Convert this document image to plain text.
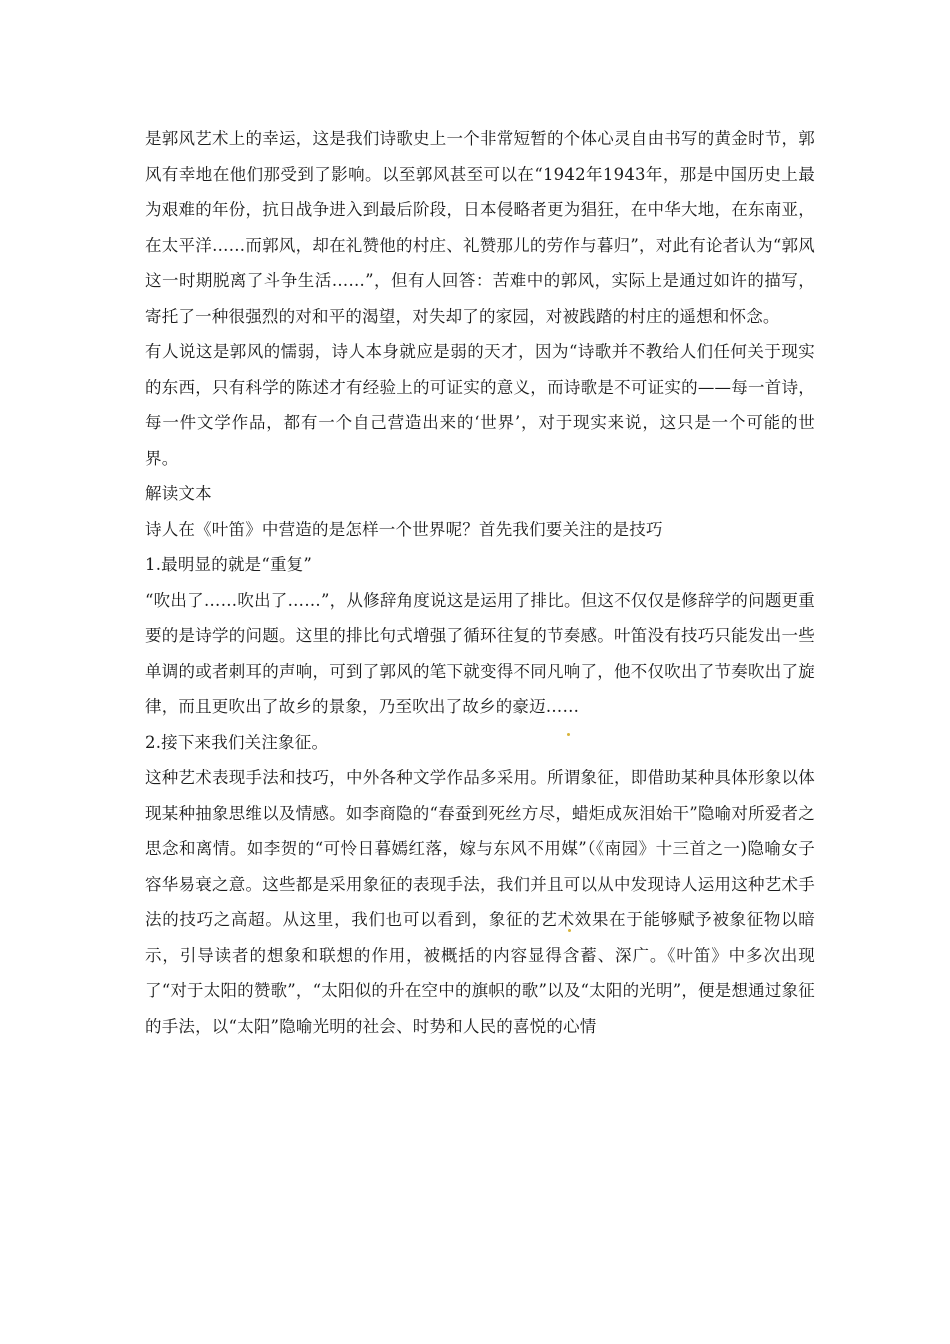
是郭风艺术上的幸运，这是我们诗歌史上一个非常短暂的个体心灵自由书写的黄金时节，郭风有幸地在他们那受到了影响。以至郭风甚至可以在“1942年1943年，那是中国历史上最为艰难的年份，抗日战争进入到最后阶段，日本侵略者更为猖狂，在中华大地，在东南亚，在太平洋……而郭风，却在礼赞他的村庄、礼赞那儿的劳作与暮归”，对此有论者认为“郭风这一时期脱离了斗争生活……”，但有人回答：苦难中的郭风，实际上是通过如许的描写，寄托了一种很强烈的对和平的渴望，对失却了的家园，对被践踏的村庄的遥想和怀念。

有人说这是郭风的懦弱，诗人本身就应是弱的天才，因为“诗歌并不教给人们任何关于现实的东西，只有科学的陈述才有经验上的可证实的意义，而诗歌是不可证实的——每一首诗，每一件文学作品，都有一个自己营造出来的‘世界’，对于现实来说，这只是一个可能的世界。

解读文本

诗人在《叶笛》中营造的是怎样一个世界呢？首先我们要关注的是技巧

1.最明显的就是“重复”

“吹出了……吹出了……”，从修辞角度说这是运用了排比。但这不仅仅是修辞学的问题更重要的是诗学的问题。这里的排比句式增强了循环往复的节奏感。叶笛没有技巧只能发出一些单调的或者刺耳的声响，可到了郭风的笔下就变得不同凡响了，他不仅吹出了节奏吹出了旋律，而且更吹出了故乡的景象，乃至吹出了故乡的豪迈……

2.接下来我们关注象征。

这种艺术表现手法和技巧，中外各种文学作品多采用。所谓象征，即借助某种具体形象以体现某种抽象思维以及情感。如李商隐的“春蚕到死丝方尽，蜡炬成灰泪始干”隐喻对所爱者之思念和离情。如李贺的“可怜日暮嫣红落，嫁与东风不用媒”（《南园》十三首之一)隐喻女子容华易衰之意。这些都是采用象征的表现手法，我们并且可以从中发现诗人运用这种艺术手法的技巧之高超。从这里，我们也可以看到，象征的艺术效果在于能够赋予被象征物以暗示，引导读者的想象和联想的作用，被概括的内容显得含蓄、深广。《叶笛》中多次出现了“对于太阳的赞歌”，“太阳似的升在空中的旗帜的歌”以及“太阳的光明”，便是想通过象征的手法，以“太阳”隐喻光明的社会、时势和人民的喜悦的心情
